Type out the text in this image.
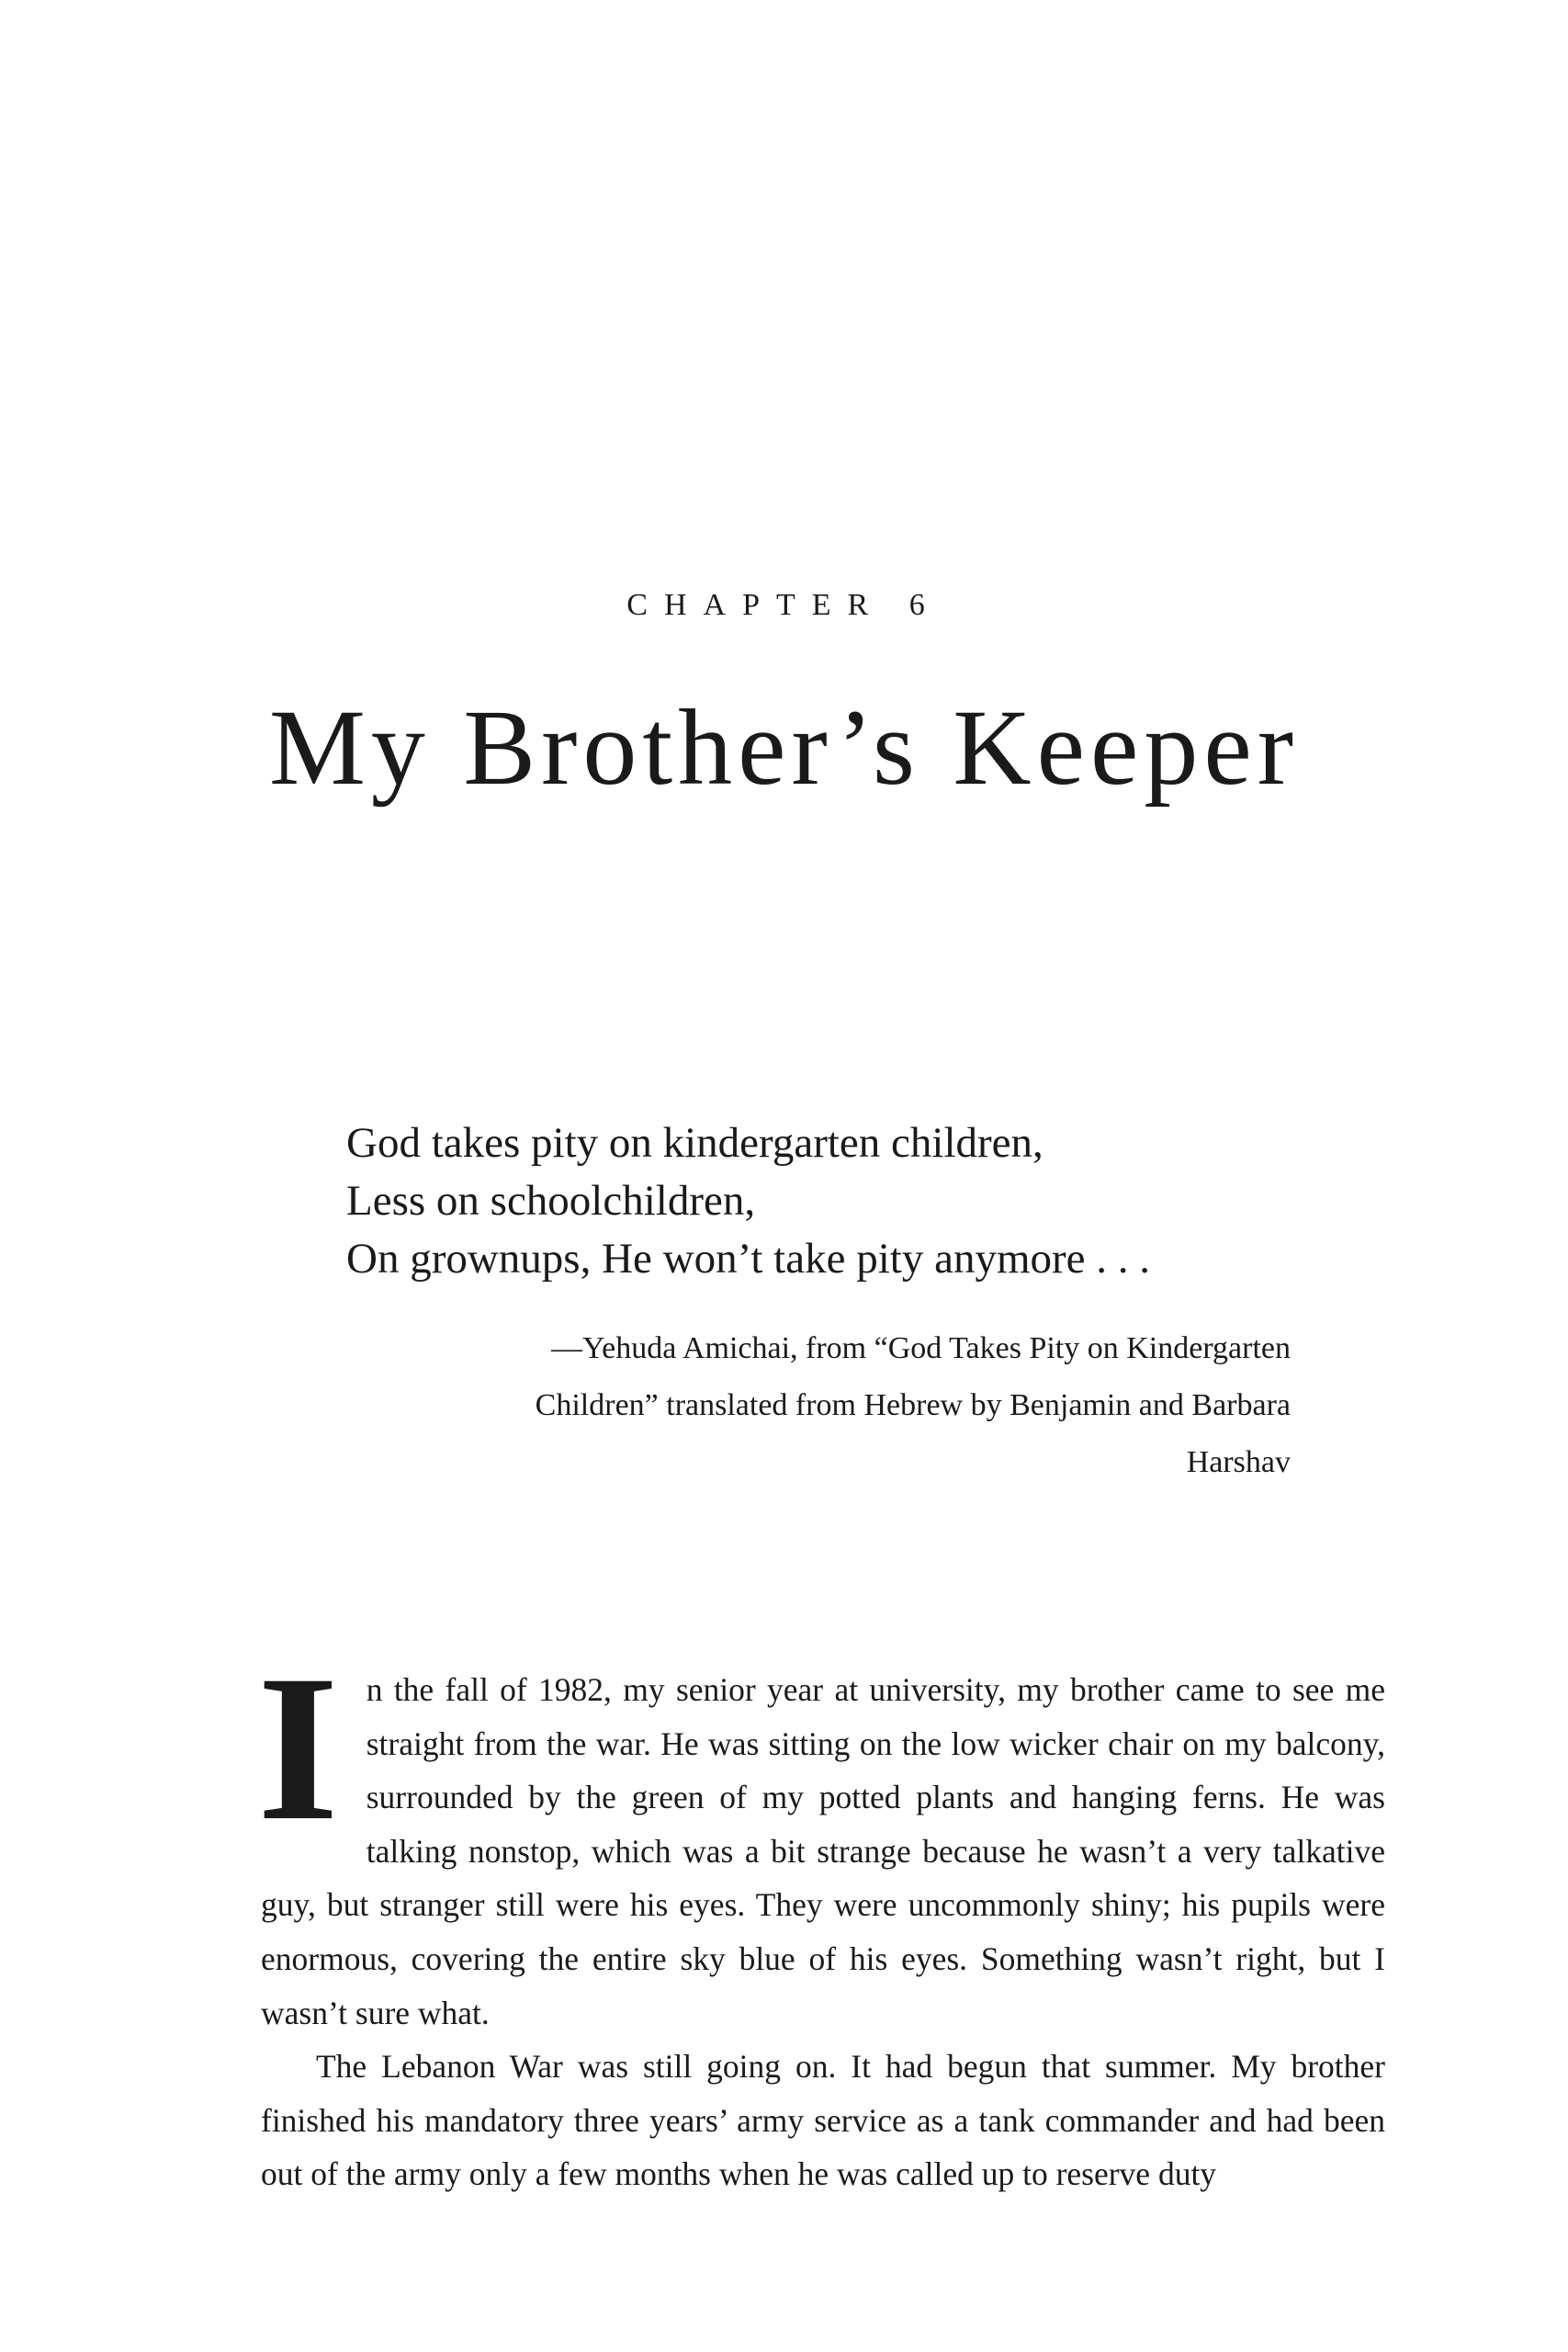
CHAPTER 6
My Brother’s Keeper
God takes pity on kindergarten children,
Less on schoolchildren,
On grownups, He won’t take pity anymore . . .
—Yehuda Amichai, from “God Takes Pity on Kindergarten Children” translated from Hebrew by Benjamin and Barbara Harshav

In the fall of 1982, my senior year at university, my brother came to see me straight from the war. He was sitting on the low wicker chair on my balcony, surrounded by the green of my potted plants and hanging ferns. He was talking nonstop, which was a bit strange because he wasn’t a very talkative guy, but stranger still were his eyes. They were uncommonly shiny; his pupils were enormous, covering the entire sky blue of his eyes. Something wasn’t right, but I wasn’t sure what.

The Lebanon War was still going on. It had begun that summer. My brother finished his mandatory three years’ army service as a tank commander and had been out of the army only a few months when he was called up to reserve duty
